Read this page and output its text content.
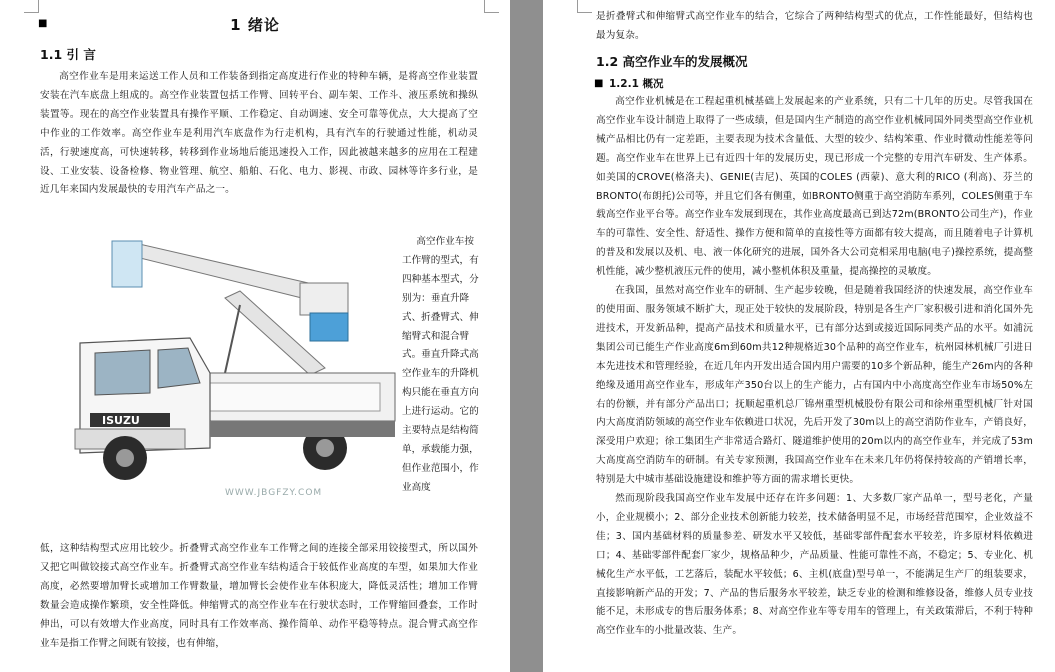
■	1 绪论
1.1 引 言

高空作业车是用来运送工作人员和工作装备到指定高度进行作业的特种车辆，是将高空作业装置安装在汽车底盘上组成的。高空作业装置包括工作臂、回转平台、副车架、工作斗、液压系统和操纵装置等。现在的高空作业装置具有操作平顺、工作稳定、自动调速、安全可靠等优点，大大提高了空中作业的工作效率。高空作业车是利用汽车底盘作为行走机构，具有汽车的行驶通过性能，机动灵活，行驶速度高，可快速转移，转移到作业场地后能迅速投入工作，因此被越来越多的应用在工程建设、工业安装、设备检修、物业管理、航空、船舶、石化、电力、影视、市政、园林等许多行业，是近几年来国内发展最快的专用汽车产品之一。

ISUZU
WWW.JBGFZY.COM

高空作业车按工作臂的型式，有四种基本型式，分别为：垂直升降式、折叠臂式、伸缩臂式和混合臂式。垂直升降式高空作业车的升降机构只能在垂直方向上进行运动。它的主要特点是结构简单，承载能力强，但作业范围小，作业高度

低，这种结构型式应用比较少。折叠臂式高空作业车工作臂之间的连接全部采用铰接型式，所以国外又把它叫做铰接式高空作业车。折叠臂式高空作业车结构适合于较低作业高度的车型，如果加大作业高度，必然要增加臂长或增加工作臂数量，增加臂长会使作业车体积庞大，降低灵活性；增加工作臂数量会造成操作繁琐，安全性降低。伸缩臂式的高空作业车在行驶状态时，工作臂缩回叠套，工作时伸出，可以有效增大作业高度，同时具有工作效率高、操作简单、动作平稳等特点。混合臂式高空作业车是指工作臂之间既有铰接，也有伸缩，

是折叠臂式和伸缩臂式高空作业车的结合，它综合了两种结构型式的优点，工作性能最好，但结构也最为复杂。

1.2 高空作业车的发展概况
■ 1.2.1 概况

高空作业机械是在工程起重机械基础上发展起来的产业系统，只有二十几年的历史。尽管我国在高空作业车设计制造上取得了一些成绩，但是国内生产制造的高空作业机械同国外同类型高空作业机械产品相比仍有一定差距，主要表现为技术含量低、大型的较少、结构笨重、作业时微动性能差等问题。高空作业车在世界上已有近四十年的发展历史，现已形成一个完整的专用汽车研发、生产体系。如美国的CROVE(格洛夫)、GENIE(吉尼)、英国的COLES (西蒙)、意大利的RICO (利高)、芬兰的BRONTO(布朗托)公司等，并且它们各有侧重，如BRONTO侧重于高空消防车系列，COLES侧重于车载高空作业平台等。高空作业车发展到现在，其作业高度最高已到达72m(BRONTO公司生产)，作业车的可靠性、安全性、舒适性、操作方便和简单的直接性等方面都有较大提高，而且随着电子计算机的普及和发展以及机、电、液一体化研究的进展，国外各大公司竞相采用电脑(电子)操控系统，提高整机性能，减少整机液压元件的使用，减小整机体积及重量，提高操控的灵敏度。

在我国，虽然对高空作业车的研制、生产起步较晚，但是随着我国经济的快速发展，高空作业车的使用面、服务领域不断扩大，现正处于较快的发展阶段，特别是各生产厂家积极引进和消化国外先进技术，开发新品种，提高产品技术和质量水平，已有部分达到或接近国际同类产品的水平。如浦沅集团公司已能生产作业高度6m到60m共12种规格近30个品种的高空作业车，杭州园林机械厂引进日本先进技术和管理经验，在近几年内开发出适合国内用户需要的10多个新品种，能生产26m内的各种绝缘及通用高空作业车，形成年产350台以上的生产能力，占有国内中小高度高空作业车市场50%左右的份额，并有部分产品出口；抚顺起重机总厂锦州重型机械股份有限公司和徐州重型机械厂针对国内大高度消防领域的高空作业车依赖进口状况，先后开发了30m以上的高空消防作业车，产销良好，深受用户欢迎；徐工集团生产非常适合路灯、隧道维护使用的20m以内的高空作业车，并完成了53m大高度高空消防车的研制。有关专家预测，我国高空作业车在未来几年仍将保持较高的产销增长率，特别是大中城市基础设施建设和维护等方面的需求增长更快。

然而现阶段我国高空作业车发展中还存在许多问题：1、大多数厂家产品单一，型号老化，产量小，企业规模小；2、部分企业技术创新能力较差，技术储备明显不足，市场经营范围窄，企业效益不佳；3、国内基础材料的质量参差、研发水平又较低，基础零部件配套水平较差，许多原材料依赖进口；4、基础零部件配套厂家少，规格品种少，产品质量、性能可靠性不高，不稳定；5、专业化、机械化生产水平低，工艺落后，装配水平较低；6、主机(底盘)型号单一，不能满足生产厂的组装要求，直接影响新产品的开发；7、产品的售后服务水平较差，缺乏专业的检测和维修设备，维修人员专业技能不足，未形成专的售后服务体系；8、对高空作业车等专用车的管理上，有关政策滞后，不利于特种高空作业车的小批量改装、生产。
